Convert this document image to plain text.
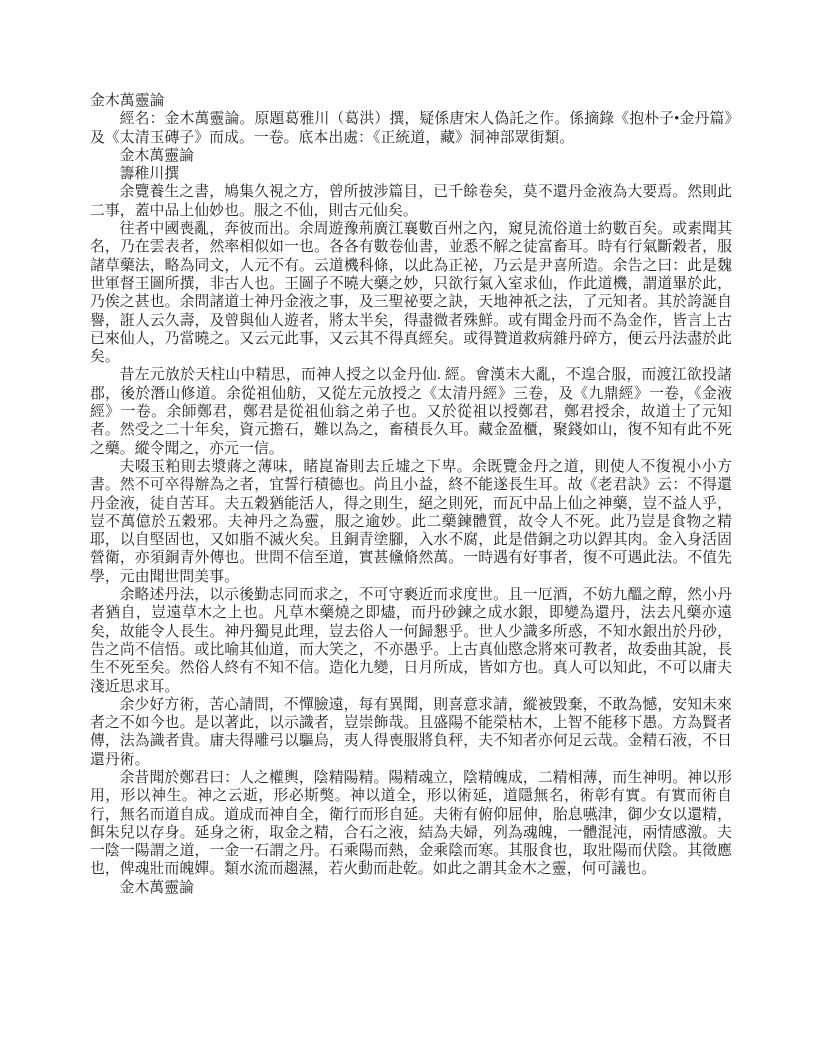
金木萬靈論

經名：金木萬靈論。原題葛雅川（葛洪）撰，疑係唐宋人偽託之作。係摘錄《抱朴子•金丹篇》及《太清玉磚子》而成。一卷。底本出處：《正統道，藏》洞神部眾街類。

金木萬靈論

籌稚川撰

余覽養生之書，鳩集久視之方，曾所披涉篇目，已千餘卷矣，莫不還丹金液為大要焉。然則此二事，蓋中品上仙妙也。服之不仙，則古元仙矣。

往者中國喪亂，奔彼而出。余周遊豫荊廣江襄數百州之內，窺見流俗道士約數百矣。或素聞其名，乃在雲表者，然率相似如一也。各各有數卷仙書，並悉不解之徒富畜耳。時有行氣斷穀者，服諸草藥法，略為同文，人元不有。云道機科條，以此為正祕，乃云是尹喜所造。余告之曰：此是魏世軍督王圖所撰，非古人也。王圖子不曉大藥之妙，只欲行氣入室求仙，作此道機，謂道畢於此，乃俟之甚也。余問諸道士神丹金液之事，及三聖祕要之訣，天地神祇之法，了元知者。其於誇誕自譽，誑人云久壽，及曾與仙人遊者，將太半矣，得盡微者殊鮮。或有聞金丹而不為金作，皆言上古已來仙人，乃當曉之。又云元此事，又云其不得真經矣。或得贊道救病雜丹碎方，便云丹法盡於此矣。

昔左元放於天柱山中精思，而神人授之以金丹仙. 經。會漢末大亂，不遑合服，而渡江欲投諸郡，後於潛山修道。余從祖仙舫，又從左元放授之《太清丹經》三卷，及《九鼎經》一卷，《金液經》一卷。余師鄭君，鄭君是從祖仙翁之弟子也。又於從祖以授鄭君，鄭君授余，故道士了元知者。然受之二十年矣，資元擔石，難以為之，畜積長久耳。藏金盈櫃，聚錢如山，復不知有此不死之藥。縱令聞之，亦元一信。

夫啜玉粕則去漿蔣之薄味，睹崑崙則去丘墟之下卑。余既覽金丹之道，則使人不復視小小方書。然不可卒得辦為之者，宜誓行積德也。尚且小益，終不能遂長生耳。故《老君訣》云：不得還丹金液，徒自苦耳。夫五穀猶能活人，得之則生，絕之則死，而瓦中品上仙之神藥，豈不益人乎，豈不萬億於五穀邪。夫神丹之為靈，服之逾妙。此二藥鍊體質，故令人不死。此乃豈是食物之精耶，以自堅固也，又如脂不滅火矣。且銅青塗腳，入水不腐，此是借銅之功以銲其肉。金入身活固營衛，亦須銅青外傳也。世問不信至道，實甚儵脩然萬。一時遇有好事者，復不可遇此法。不值先學，元由聞世問美事。

余略述丹法，以示後勤志同而求之，不可守褻近而求度世。且一厄酒，不妨九醞之醇，然小丹者猶自，豈遠草木之上也。凡草木藥燒之即燼，而丹砂鍊之成水銀，即變為還丹，法去凡藥亦遠矣，故能令人長生。神丹獨見此理，豈去俗人一何歸懇乎。世人少識多所惑，不知水銀出於丹砂，告之尚不信悟。或比喻其仙道，而大笑之，不亦愚乎。上古真仙愍念將來可教者，故委曲其說，長生不死至矣。然俗人終有不知不信。造化九變，日月所成，皆如方也。真人可以知此，不可以庸夫淺近思求耳。

余少好方術，苦心請問，不憚臉遠，每有異聞，則喜意求請，縱被毀棄，不敢為憾，安知未來者之不如今也。是以著此，以示識者，豈崇飾哉。且盛陽不能榮枯木，上智不能移下愚。方為賢者傳，法為識者貴。庸夫得雕弓以驅烏，夷人得喪服將負秤，夫不知者亦何足云哉。金精石液，不日還丹術。

余昔聞於鄭君曰：人之權輿，陰精陽精。陽精魂立，陰精魄成，二精相薄，而生神明。神以形用，形以神生。神之云逝，形必斯獘。神以道全，形以術延，道隱無名，術彰有實。有實而術自行，無名而道自成。道成而神自全，衛行而形自延。夫術有俯仰屈伸，胎息嚥津，御少女以還精，餌朱兒以存身。延身之術，取金之精，合石之液，結為夫婦，列為魂魄，一體混沌，兩情感激。夫一陰一陽謂之道，一金一石謂之丹。石乘陽而熱，金乘陰而寒。其服食也，取壯陽而伏陰。其徵應也，俾魂壯而魄嬋。類水流而趨濕，若火動而赴乾。如此之謂其金木之靈，何可議也。

金木萬靈論
